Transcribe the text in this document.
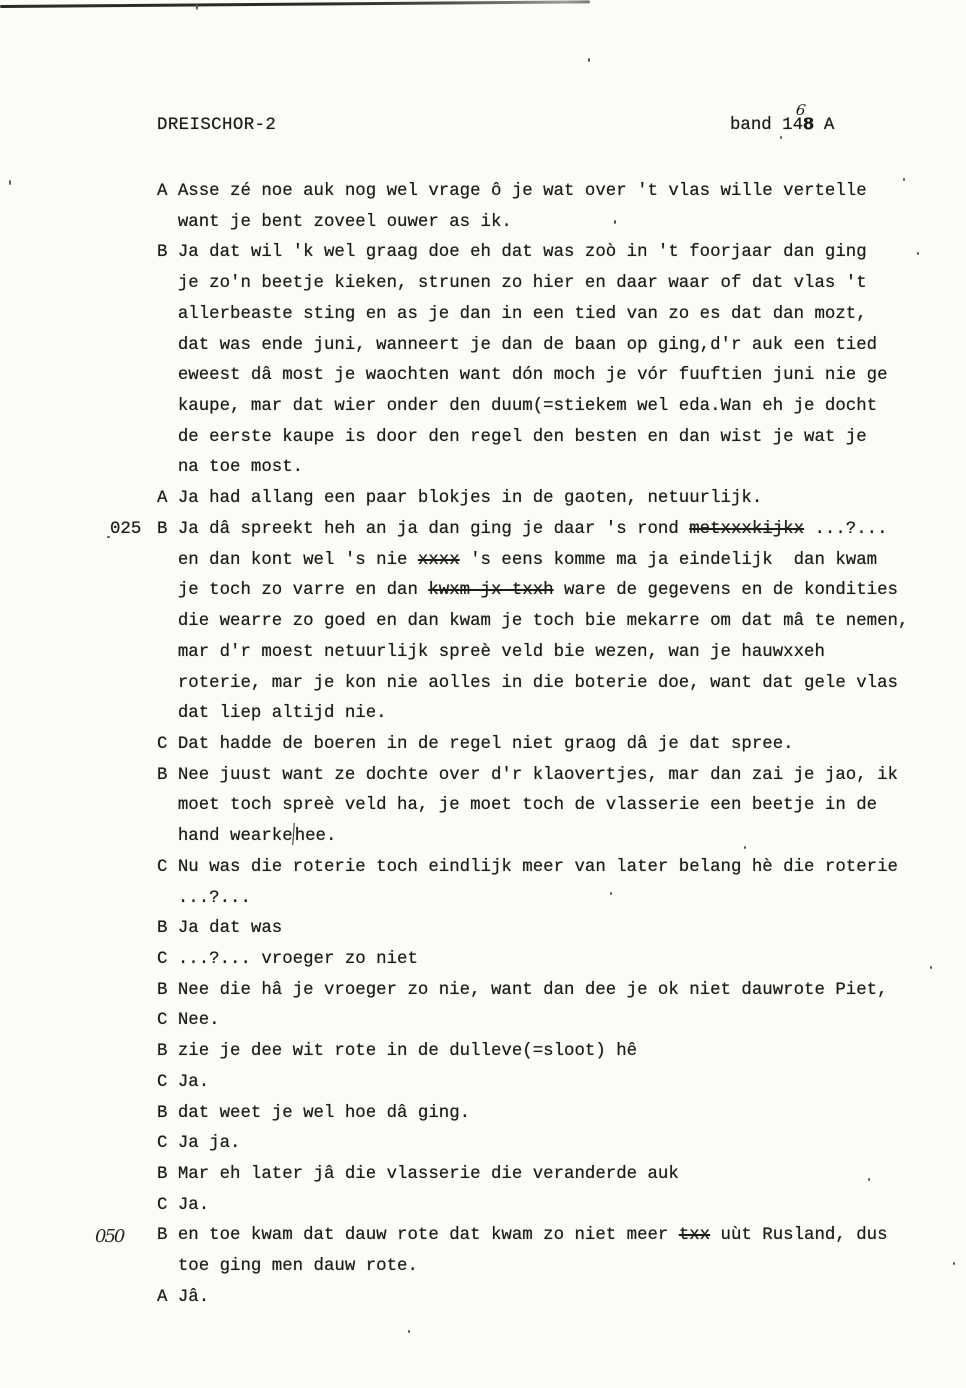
DREISCHOR-2	band 148 A
6

A Asse zé noe auk nog wel vrage ô je wat over 't vlas wille vertelle
want je bent zoveel ouwer as ik.
B Ja dat wil 'k wel graag doe eh dat was zoò in 't foorjaar dan ging
je zo'n beetje kieken, strunen zo hier en daar waar of dat vlas 't
allerbeaste sting en as je dan in een tied van zo es dat dan mozt,
dat was ende juni, wanneert je dan de baan op ging,d'r auk een tied
eweest dâ most je waochten want dón moch je vór fuuftien juni nie ge
kaupe, mar dat wier onder den duum(=stiekem wel eda.Wan eh je docht
de eerste kaupe is door den regel den besten en dan wist je wat je
na toe most.
A Ja had allang een paar blokjes in de gaoten, netuurlijk.
025 B Ja dâ spreekt heh an ja dan ging je daar 's rond metxxxkijkx ...?...
en dan kont wel 's nie xxxx 's eens komme ma ja eindelijk  dan kwam
je toch zo varre en dan kwxm jx txxh ware de gegevens en de kondities
die wearre zo goed en dan kwam je toch bie mekarre om dat mâ te nemen,
mar d'r moest netuurlijk spreè veld bie wezen, wan je hauwxxeh
roterie, mar je kon nie aolles in die boterie doe, want dat gele vlas
dat liep altijd nie.
C Dat hadde de boeren in de regel niet graog dâ je dat spree.
B Nee juust want ze dochte over d'r klaovertjes, mar dan zai je jao, ik
moet toch spreè veld ha, je moet toch de vlasserie een beetje in de
hand wearke hee.
C Nu was die roterie toch eindlijk meer van later belang hè die roterie
...?...
B Ja dat was
C ...?... vroeger zo niet
B Nee die hâ je vroeger zo nie, want dan dee je ok niet dauwrote Piet,
C Nee.
B zie je dee wit rote in de dulleve(=sloot) hê
C Ja.
B dat weet je wel hoe dâ ging.
C Ja ja.
B Mar eh later jâ die vlasserie die veranderde auk
C Ja.
050 B en toe kwam dat dauw rote dat kwam zo niet meer txx uùt Rusland, dus
toe ging men dauw rote.
A Jâ.
